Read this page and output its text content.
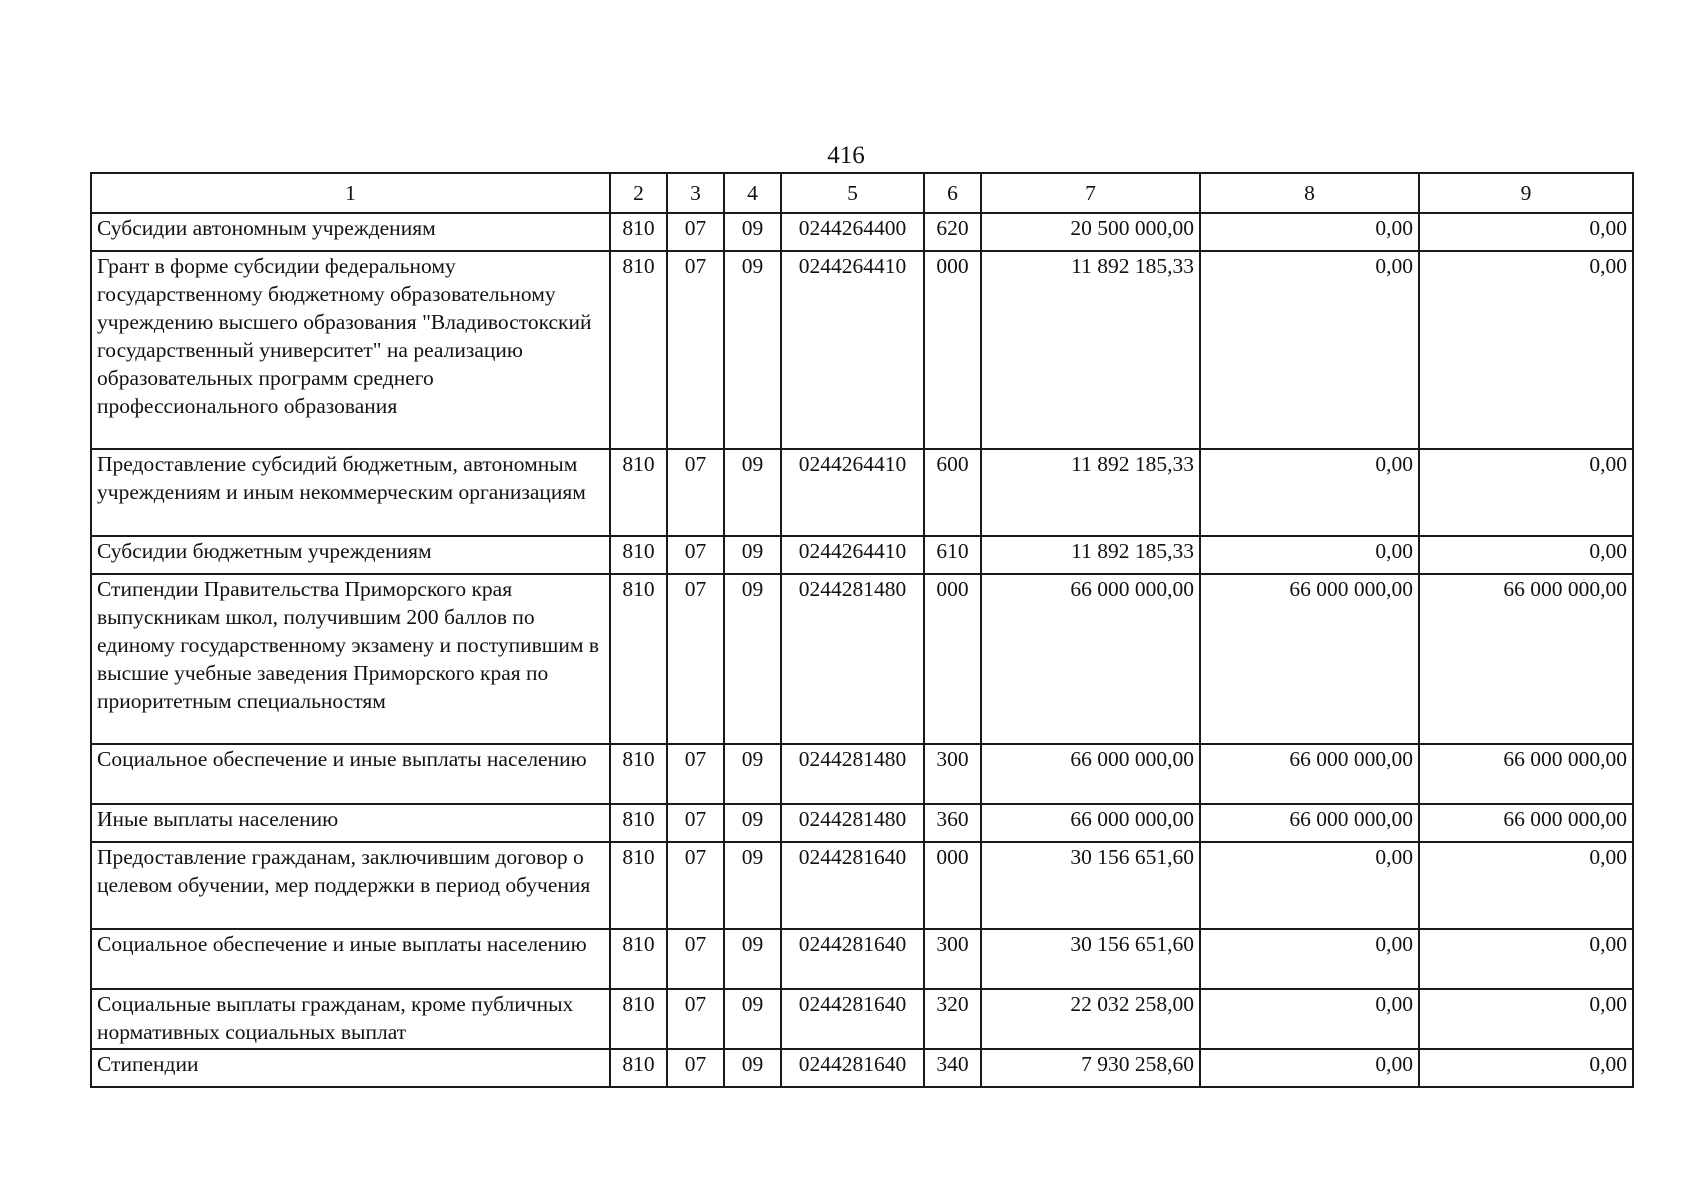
416
1	2	3	4	5	6	7	8	9
Субсидии автономным учреждениям	810	07	09	0244264400	620	20 500 000,00	0,00	0,00
Грант в форме субсидии федеральному государственному бюджетному образовательному учреждению высшего образования "Владивостокский государственный университет" на реализацию образовательных программ среднего профессионального образования	810	07	09	0244264410	000	11 892 185,33	0,00	0,00
Предоставление субсидий бюджетным, автономным учреждениям и иным некоммерческим организациям	810	07	09	0244264410	600	11 892 185,33	0,00	0,00
Субсидии бюджетным учреждениям	810	07	09	0244264410	610	11 892 185,33	0,00	0,00
Стипендии Правительства Приморского края выпускникам школ, получившим 200 баллов по единому государственному экзамену и поступившим в высшие учебные заведения Приморского края по приоритетным специальностям	810	07	09	0244281480	000	66 000 000,00	66 000 000,00	66 000 000,00
Социальное обеспечение и иные выплаты населению	810	07	09	0244281480	300	66 000 000,00	66 000 000,00	66 000 000,00
Иные выплаты населению	810	07	09	0244281480	360	66 000 000,00	66 000 000,00	66 000 000,00
Предоставление гражданам, заключившим договор о целевом обучении, мер поддержки в период обучения	810	07	09	0244281640	000	30 156 651,60	0,00	0,00
Социальное обеспечение и иные выплаты населению	810	07	09	0244281640	300	30 156 651,60	0,00	0,00
Социальные выплаты гражданам, кроме публичных нормативных социальных выплат	810	07	09	0244281640	320	22 032 258,00	0,00	0,00
Стипендии	810	07	09	0244281640	340	7 930 258,60	0,00	0,00
